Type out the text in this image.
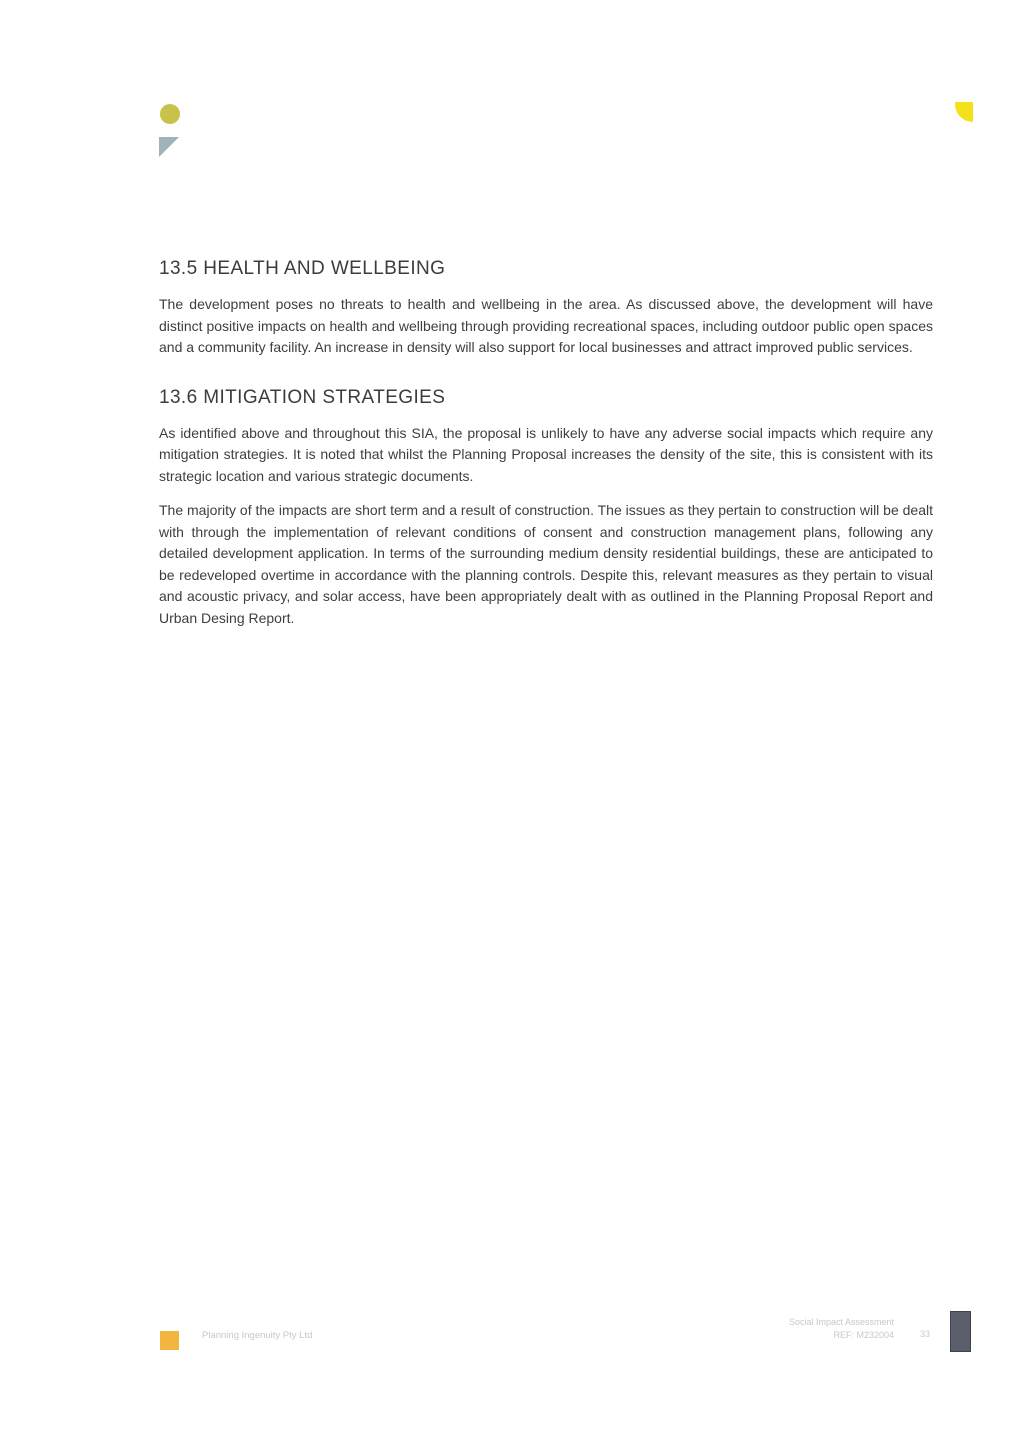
13.5 HEALTH AND WELLBEING

The development poses no threats to health and wellbeing in the area. As discussed above, the development will have distinct positive impacts on health and wellbeing through providing recreational spaces, including outdoor public open spaces and a community facility. An increase in density will also support for local businesses and attract improved public services.

13.6 MITIGATION STRATEGIES

As identified above and throughout this SIA, the proposal is unlikely to have any adverse social impacts which require any mitigation strategies. It is noted that whilst the Planning Proposal increases the density of the site, this is consistent with its strategic location and various strategic documents.

The majority of the impacts are short term and a result of construction. The issues as they pertain to construction will be dealt with through the implementation of relevant conditions of consent and construction management plans, following any detailed development application. In terms of the surrounding medium density residential buildings, these are anticipated to be redeveloped overtime in accordance with the planning controls. Despite this, relevant measures as they pertain to visual and acoustic privacy, and solar access, have been appropriately dealt with as outlined in the Planning Proposal Report and Urban Desing Report.

Planning Ingenuity Pty Ltd
Social Impact Assessment
REF: M232004	33
